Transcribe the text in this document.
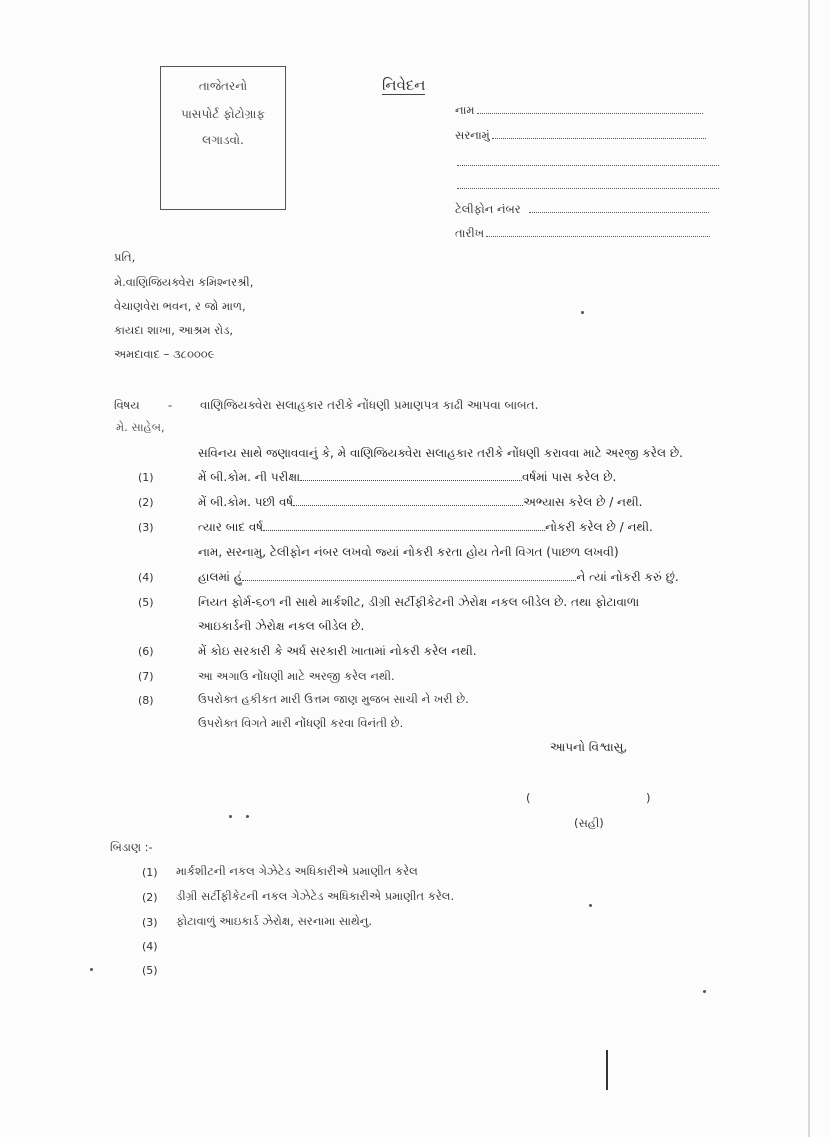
તાજેતરનો
પાસપોર્ટ ફોટોગ્રાફ
લગાડવો.
નિવેદન
નામ
સરનામું
ટેલીફોન નંબર
તારીખ
પ્રતિ,
મે.વાણિજિયક્વેરા કમિશ્નરશ્રી,
વેચાણવેરા ભવન, ર જો માળ,
કાયદા શાખા, આશ્રમ રોડ,
અમદાવાદ – ૩૮૦૦૦૯
વિષય - વાણિજિયક્વેરા સલાહકાર તરીકે નોંધણી પ્રમાણપત્ર કાઢી આપવા બાબત.
મે. સાહેબ,
સવિનય સાથે જણાવવાનું કે, મે વાણિજિયક્વેરા સલાહકાર તરીકે નોંધણી કરાવવા માટે અરજી કરેલ છે.
(1)	મેં બી.કોમ. ની પરીક્ષા	વર્ષમાં પાસ કરેલ છે.
(2)	મેં બી.કોમ. પછી વર્ષ	અભ્યાસ કરેલ છે / નથી.
(3)	ત્યાર બાદ વર્ષ	નોકરી કરેલ છે / નથી.
નામ, સરનામુ, ટેલીફોન નંબર લખવો જ્યાં નોકરી કરતા હોય તેની વિગત (પાછળ લખવી)
(4)	હાલમાં હું	ને ત્યાં નોકરી કરું છું.
(5)	નિયત ફોર્મ-૬૦૧ ની સાથે માર્કશીટ, ડીગ્રી સર્ટીફીકેટની ઝેરોક્ષ નકલ બીડેલ છે. તથા ફોટાવાળા
આઇકાર્ડની ઝેરોક્ષ નકલ બીડેલ છે.
(6)	મેં કોઇ સરકારી કે અર્ધ સરકારી ખાતામાં નોકરી કરેલ નથી.
(7)	આ અગાઉ નોંધણી માટે અરજી કરેલ નથી.
(8)	ઉપરોક્ત હકીકત મારી ઉત્તમ જાણ મુજબ સાચી ને ખરી છે.
ઉપરોક્ત વિગતે મારી નોંધણી કરવા વિનંતી છે.
આપનો વિશ્વાસુ,
(	)
(સહી)
બિડાણ :-
(1) માર્કશીટની નકલ ગેઝેટેડ અધિકારીએ પ્રમાણીત કરેલ
(2) ડીગ્રી સર્ટીફીકેટની નકલ ગેઝેટેડ અધિકારીએ પ્રમાણીત કરેલ.
(3) ફોટાવાળું આઇકાર્ડ ઝેરોક્ષ, સરનામા સાથેનુ.
(4)
(5)
